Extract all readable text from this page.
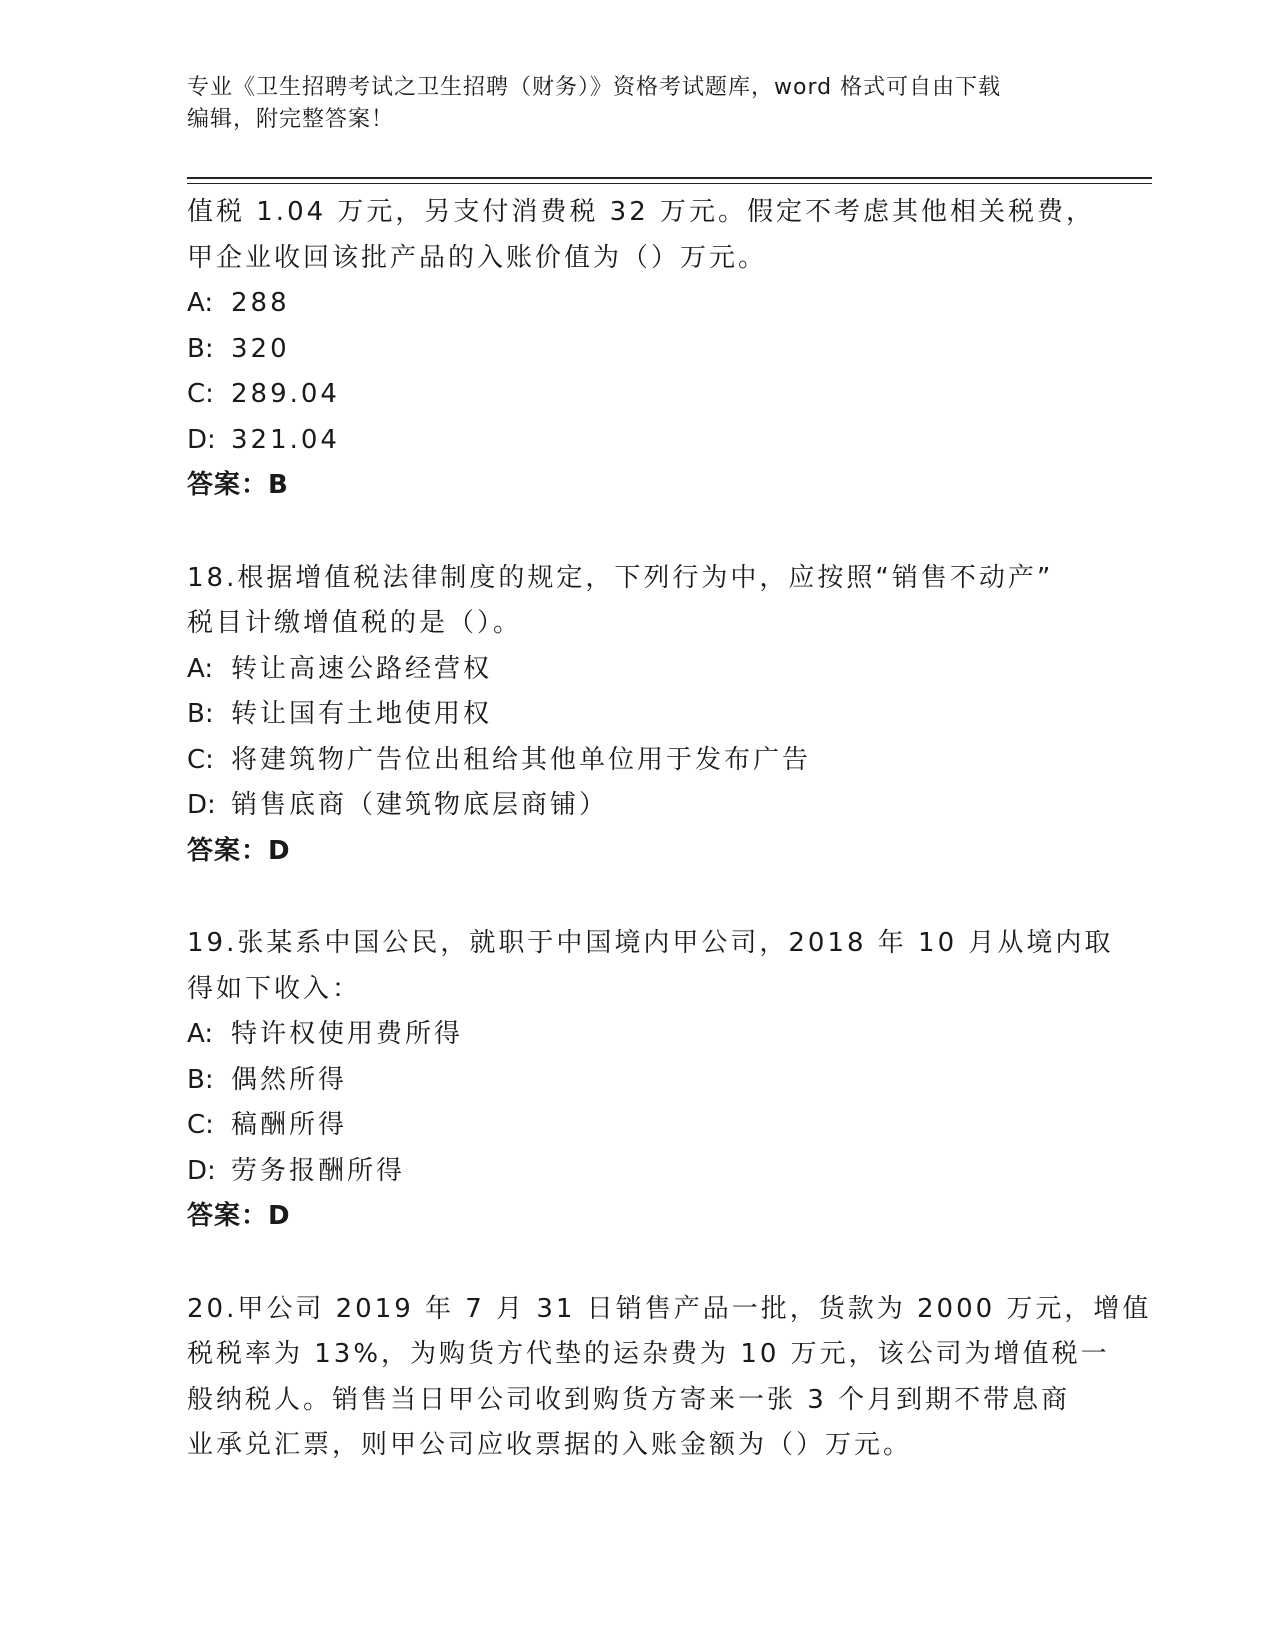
专业《卫生招聘考试之卫生招聘（财务）》资格考试题库，word 格式可自由下载
编辑，附完整答案！
值税 1.04 万元，另支付消费税 32 万元。假定不考虑其他相关税费，
甲企业收回该批产品的入账价值为（）万元。
A: 288
B: 320
C: 289.04
D: 321.04
答案：B
18.根据增值税法律制度的规定，下列行为中，应按照“销售不动产”
税目计缴增值税的是（）。
A: 转让高速公路经营权
B: 转让国有土地使用权
C: 将建筑物广告位出租给其他单位用于发布广告
D: 销售底商（建筑物底层商铺）
答案：D
19.张某系中国公民，就职于中国境内甲公司，2018 年 10 月从境内取
得如下收入：
A: 特许权使用费所得
B: 偶然所得
C: 稿酬所得
D: 劳务报酬所得
答案：D
20.甲公司 2019 年 7 月 31 日销售产品一批，货款为 2000 万元，增值
税税率为 13%，为购货方代垫的运杂费为 10 万元，该公司为增值税一
般纳税人。销售当日甲公司收到购货方寄来一张 3 个月到期不带息商
业承兑汇票，则甲公司应收票据的入账金额为（）万元。
